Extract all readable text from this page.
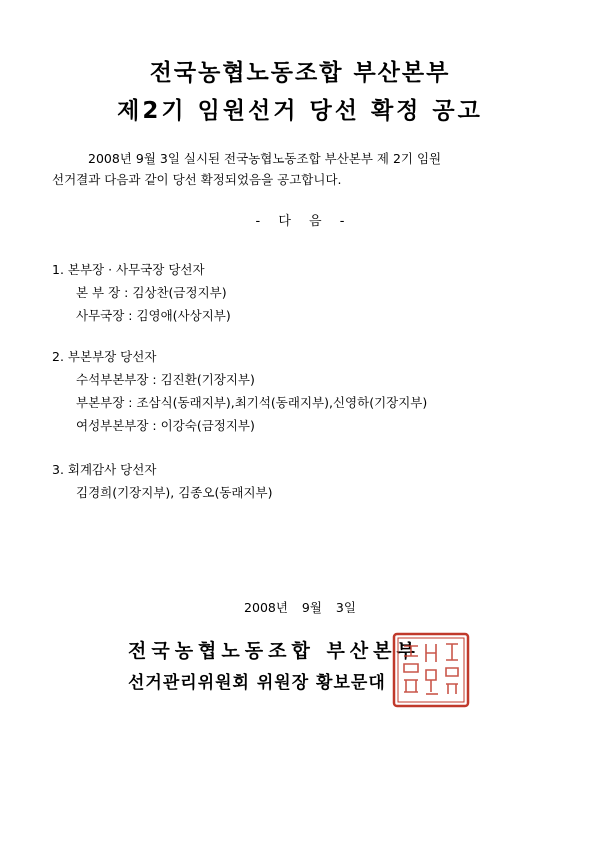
전국농협노동조합 부산본부
제2기 임원선거 당선 확정 공고
2008년 9월 3일 실시된 전국농협노동조합 부산본부 제 2기 임원
선거결과 다음과 같이 당선 확정되었음을 공고합니다.
- 다 음 -
1. 본부장 · 사무국장 당선자
본 부 장 : 김상찬(금정지부)
사무국장 : 김영애(사상지부)
2. 부본부장 당선자
수석부본부장 : 김진환(기장지부)
부본부장 : 조삼식(동래지부),최기석(동래지부),신영하(기장지부)
여성부본부장 : 이강숙(금정지부)
3. 회계감사 당선자
김경희(기장지부), 김종오(동래지부)
2008년 9월 3일
전국농협노동조합 부산본부
선거관리위원회 위원장 황보문대
